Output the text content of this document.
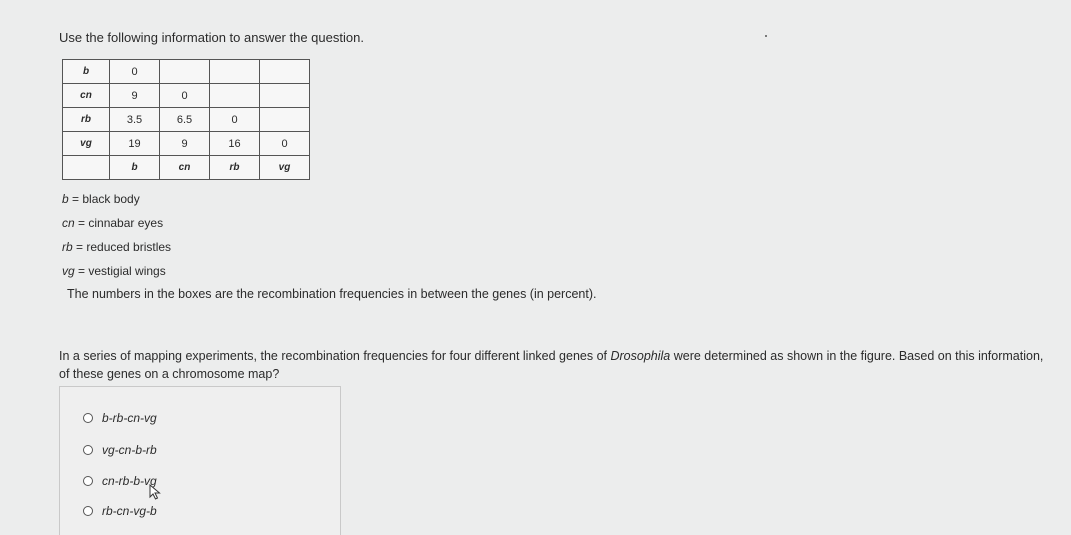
Use the following information to answer the question.
b	0			
cn	9	0		
rb	3.5	6.5	0	
vg	19	9	16	0
	b	cn	rb	vg
b = black body
cn = cinnabar eyes
rb = reduced bristles
vg = vestigial wings
The numbers in the boxes are the recombination frequencies in between the genes (in percent).
In a series of mapping experiments, the recombination frequencies for four different linked genes of Drosophila were determined as shown in the figure. Based on this information,
of these genes on a chromosome map?
b-rb-cn-vg
vg-cn-b-rb
cn-rb-b-vg
rb-cn-vg-b
